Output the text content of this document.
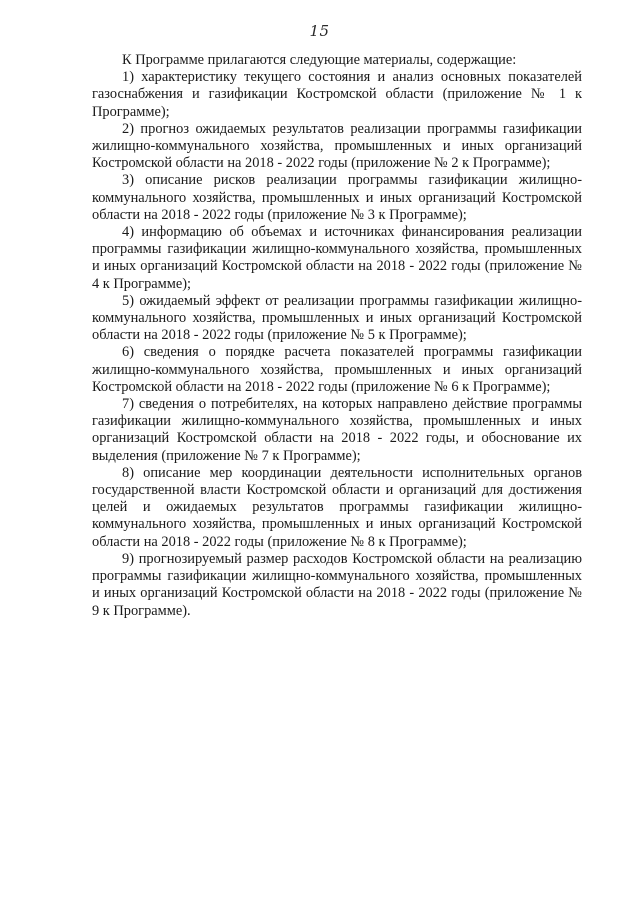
15

К Программе прилагаются следующие материалы, содержащие:

1) характеристику текущего состояния и анализ основных показателей газоснабжения и газификации Костромской области (приложение № 1 к Программе);
2) прогноз ожидаемых результатов реализации программы газификации жилищно-коммунального хозяйства, промышленных и иных организаций Костромской области на 2018 - 2022 годы (приложение № 2 к Программе);
3) описание рисков реализации программы газификации жилищно-коммунального хозяйства, промышленных и иных организаций Костромской области на 2018 - 2022 годы (приложение № 3 к Программе);
4) информацию об объемах и источниках финансирования реализации программы газификации жилищно-коммунального хозяйства, промышленных и иных организаций Костромской области на 2018 - 2022 годы (приложение № 4 к Программе);
5) ожидаемый эффект от реализации программы газификации жилищно-коммунального хозяйства, промышленных и иных организаций Костромской области на 2018 - 2022 годы (приложение № 5 к Программе);
6) сведения о порядке расчета показателей программы газификации жилищно-коммунального хозяйства, промышленных и иных организаций Костромской области на 2018 - 2022 годы (приложение № 6 к Программе);
7) сведения о потребителях, на которых направлено действие программы газификации жилищно-коммунального хозяйства, промышленных и иных организаций Костромской области на 2018 - 2022 годы, и обоснование их выделения (приложение № 7 к Программе);
8) описание мер координации деятельности исполнительных органов государственной власти Костромской области и организаций для достижения целей и ожидаемых результатов программы газификации жилищно-коммунального хозяйства, промышленных и иных организаций Костромской области на 2018 - 2022 годы (приложение № 8 к Программе);
9) прогнозируемый размер расходов Костромской области на реализацию программы газификации жилищно-коммунального хозяйства, промышленных и иных организаций Костромской области на 2018 - 2022 годы (приложение № 9 к Программе).
